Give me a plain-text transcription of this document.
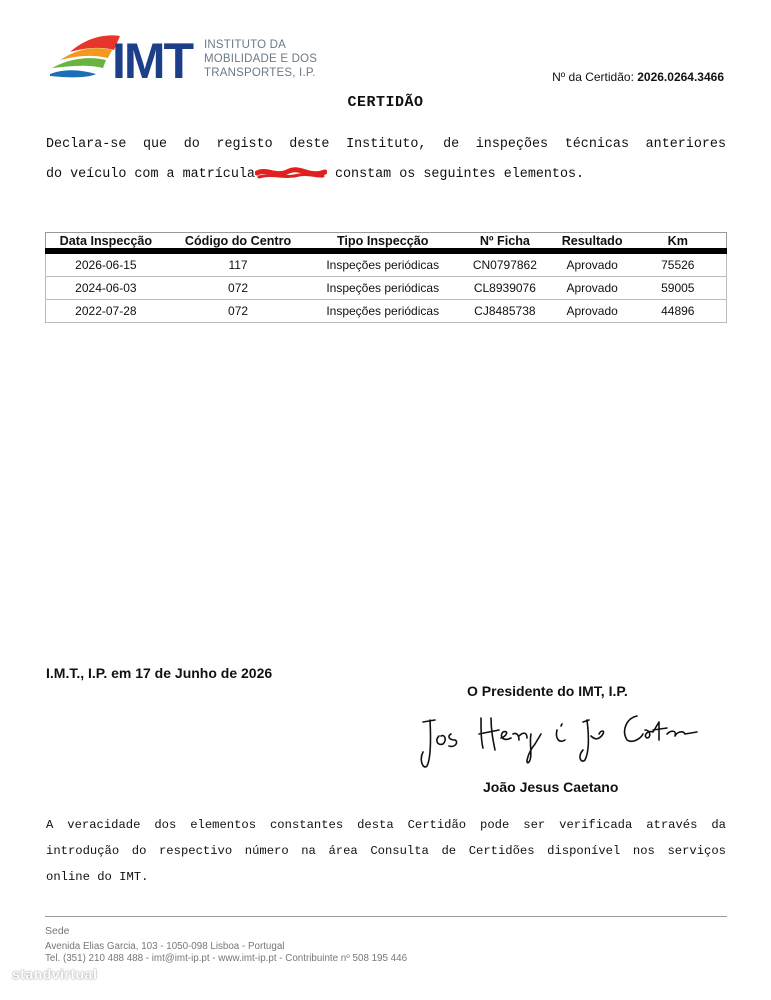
IMT INSTITUTO DA
MOBILIDADE E DOS
TRANSPORTES, I.P.	Nº da Certidão: 2026.0264.3466
CERTIDÃO
Declara-se que do registo deste Instituto, de inspeções técnicas anteriores
do veículo com a matrícula	constam os seguintes elementos.
Data Inspecção	Código do Centro	Tipo Inspecção	Nº Ficha	Resultado	Km
2026-06-15	117	Inspeções periódicas	CN0797862	Aprovado	75526
2024-06-03	072	Inspeções periódicas	CL8939076	Aprovado	59005
2022-07-28	072	Inspeções periódicas	CJ8485738	Aprovado	44896
I.M.T., I.P. em 17 de Junho de 2026
O Presidente do IMT, I.P.
João Jesus Caetano
A veracidade dos elementos constantes desta Certidão pode ser verificada através da
introdução do respectivo número na área Consulta de Certidões disponível nos serviços
online do IMT.
Sede
Avenida Elias Garcia, 103 - 1050-098 Lisboa - Portugal
Tel. (351) 210 488 488 - imt@imt-ip.pt - www.imt-ip.pt - Contribuinte nº 508 195 446
standvirtual
